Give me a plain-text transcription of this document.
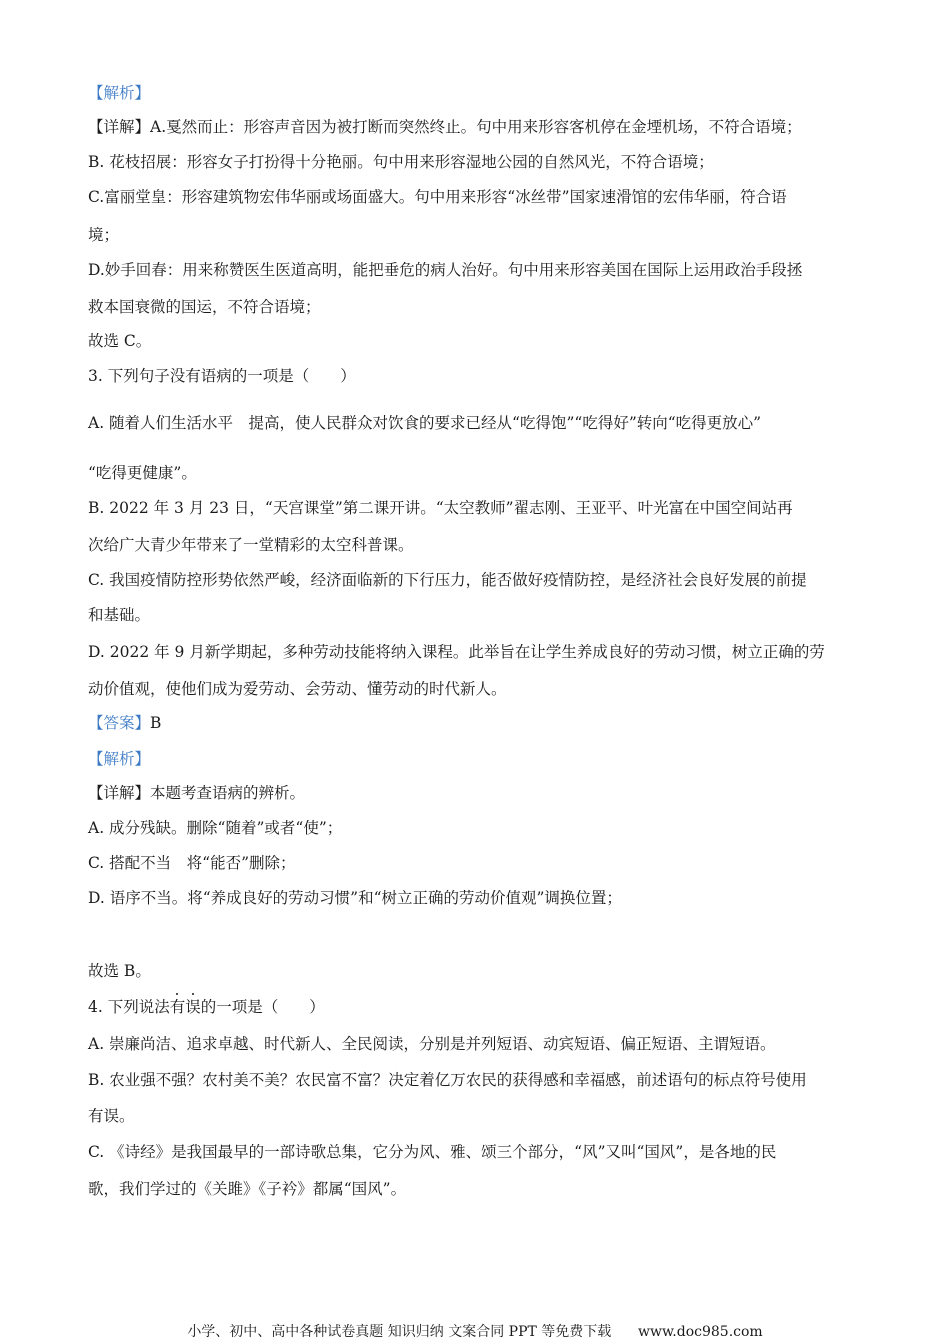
【解析】
【详解】A.戛然而止：形容声音因为被打断而突然终止。句中用来形容客机停在金堙机场，不符合语境；
B. 花枝招展：形容女子打扮得十分艳丽。句中用来形容湿地公园的自然风光，不符合语境；
C.富丽堂皇：形容建筑物宏伟华丽或场面盛大。句中用来形容“冰丝带”国家速滑馆的宏伟华丽，符合语
境；
D.妙手回春：用来称赞医生医道高明，能把垂危的病人治好。句中用来形容美国在国际上运用政治手段拯
救本国衰微的国运，不符合语境；
故选 C。
3. 下列句子没有语病的一项是（　　）
A. 随着人们生活水平　提高，使人民群众对饮食的要求已经从“吃得饱”“吃得好”转向“吃得更放心”
“吃得更健康”。
B. 2022 年 3 月 23 日，“天宫课堂”第二课开讲。“太空教师”翟志刚、王亚平、叶光富在中国空间站再
次给广大青少年带来了一堂精彩的太空科普课。
C. 我国疫情防控形势依然严峻，经济面临新的下行压力，能否做好疫情防控，是经济社会良好发展的前提
和基础。
D. 2022 年 9 月新学期起，多种劳动技能将纳入课程。此举旨在让学生养成良好的劳动习惯，树立正确的劳
动价值观，使他们成为爱劳动、会劳动、懂劳动的时代新人。
【答案】B
【解析】
【详解】本题考查语病的辨析。
A. 成分残缺。删除“随着”或者“使”；
C. 搭配不当　将“能否”删除；
D. 语序不当。将“养成良好的劳动习惯”和“树立正确的劳动价值观”调换位置；
故选 B。
4. 下列说法有误的一项是（　　）
A. 崇廉尚洁、追求卓越、时代新人、全民阅读，分别是并列短语、动宾短语、偏正短语、主谓短语。
B. 农业强不强？农村美不美？农民富不富？决定着亿万农民的获得感和幸福感，前述语句的标点符号使用
有误。
C. 《诗经》是我国最早的一部诗歌总集，它分为风、雅、颂三个部分，“风”又叫“国风”，是各地的民
歌，我们学过的《关雎》《子衿》都属“国风”。
小学、初中、高中各种试卷真题 知识归纳 文案合同 PPT 等免费下载 www.doc985.com
